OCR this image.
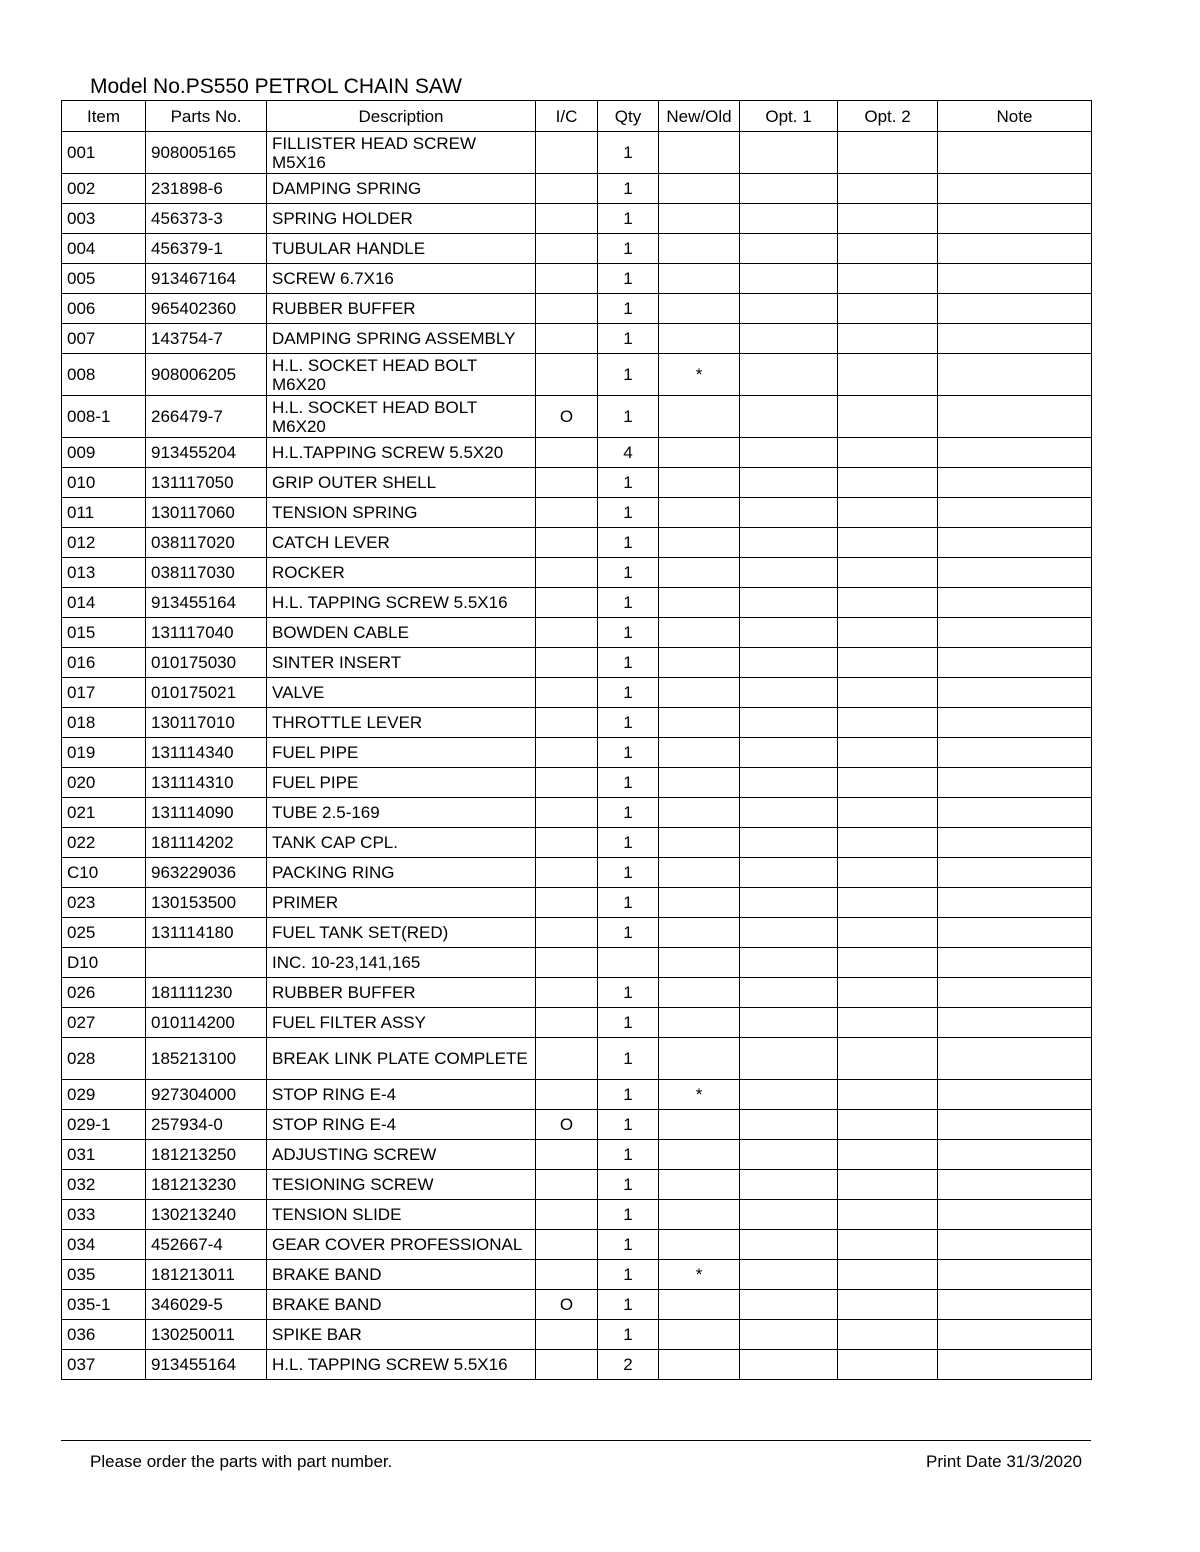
Model No.PS550 PETROL CHAIN SAW
Item	Parts No.	Description	I/C	Qty	New/Old	Opt. 1	Opt. 2	Note
001	908005165	FILLISTER HEAD SCREW M5X16		1				
002	231898-6	DAMPING SPRING		1				
003	456373-3	SPRING HOLDER		1				
004	456379-1	TUBULAR HANDLE		1				
005	913467164	SCREW 6.7X16		1				
006	965402360	RUBBER BUFFER		1				
007	143754-7	DAMPING SPRING ASSEMBLY		1				
008	908006205	H.L. SOCKET HEAD BOLT M6X20		1	*			
008-1	266479-7	H.L. SOCKET HEAD BOLT M6X20	O	1				
009	913455204	H.L.TAPPING SCREW 5.5X20		4				
010	131117050	GRIP OUTER SHELL		1				
011	130117060	TENSION SPRING		1				
012	038117020	CATCH LEVER		1				
013	038117030	ROCKER		1				
014	913455164	H.L. TAPPING SCREW 5.5X16		1				
015	131117040	BOWDEN CABLE		1				
016	010175030	SINTER INSERT		1				
017	010175021	VALVE		1				
018	130117010	THROTTLE LEVER		1				
019	131114340	FUEL PIPE		1				
020	131114310	FUEL PIPE		1				
021	131114090	TUBE 2.5-169		1				
022	181114202	TANK CAP CPL.		1				
C10	963229036	PACKING RING		1				
023	130153500	PRIMER		1				
025	131114180	FUEL TANK SET(RED)		1				
D10		INC. 10-23,141,165						
026	181111230	RUBBER BUFFER		1				
027	010114200	FUEL FILTER ASSY		1				
028	185213100	BREAK LINK PLATE COMPLETE		1				
029	927304000	STOP RING E-4		1	*			
029-1	257934-0	STOP RING E-4	O	1				
031	181213250	ADJUSTING SCREW		1				
032	181213230	TESIONING SCREW		1				
033	130213240	TENSION SLIDE		1				
034	452667-4	GEAR COVER PROFESSIONAL		1				
035	181213011	BRAKE BAND		1	*			
035-1	346029-5	BRAKE BAND	O	1				
036	130250011	SPIKE BAR		1				
037	913455164	H.L. TAPPING SCREW 5.5X16		2				
Please order the parts with part number.	Print Date 31/3/2020
